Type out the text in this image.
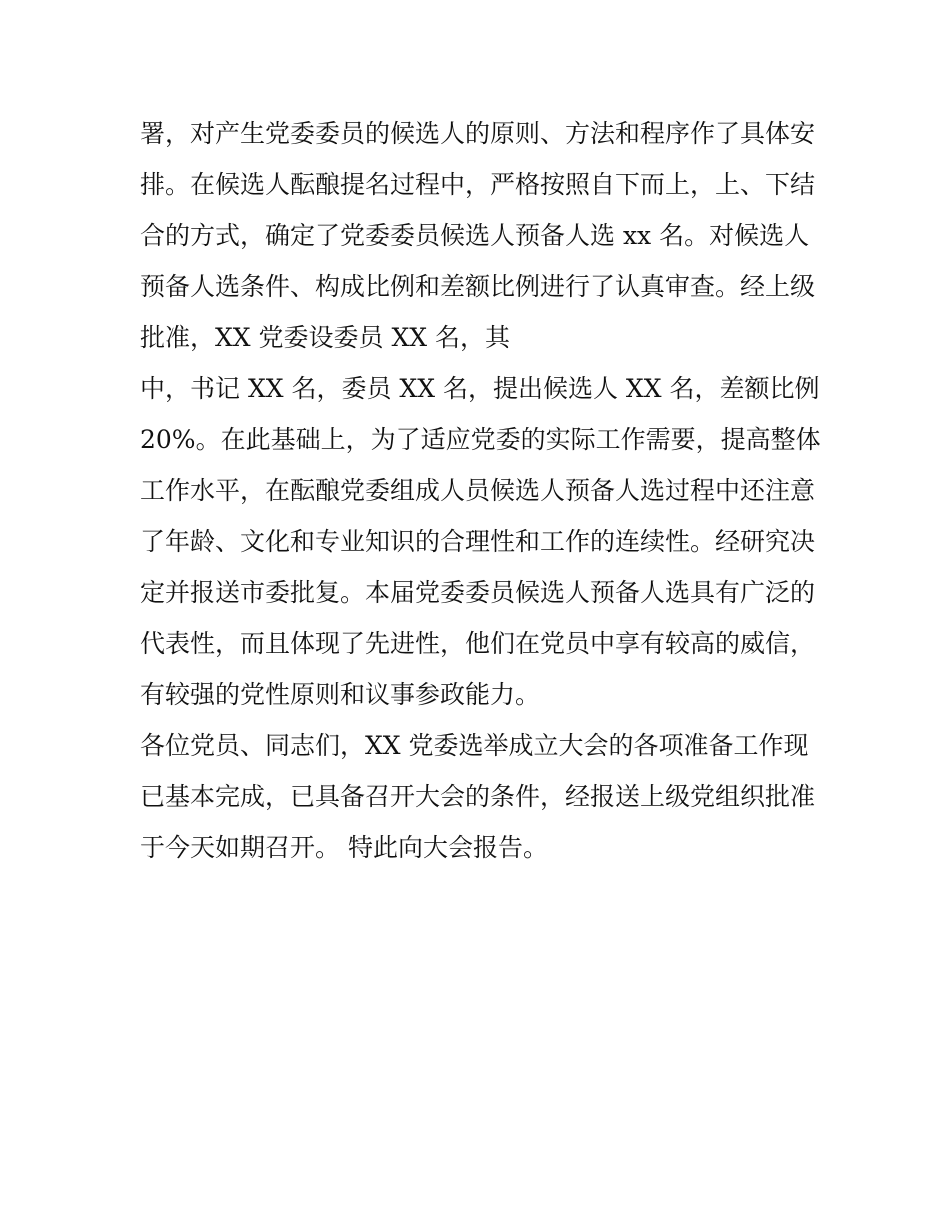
署，对产生党委委员的候选人的原则、方法和程序作了具体安
排。在候选人酝酿提名过程中，严格按照自下而上，上、下结
合的方式，确定了党委委员候选人预备人选 xx 名。对候选人
预备人选条件、构成比例和差额比例进行了认真审查。经上级
批准，XX 党委设委员 XX 名，其
中，书记 XX 名，委员 XX 名，提出候选人 XX 名，差额比例
20%。在此基础上，为了适应党委的实际工作需要，提高整体
工作水平，在酝酿党委组成人员候选人预备人选过程中还注意
了年龄、文化和专业知识的合理性和工作的连续性。经研究决
定并报送市委批复。本届党委委员候选人预备人选具有广泛的
代表性，而且体现了先进性，他们在党员中享有较高的威信，
有较强的党性原则和议事参政能力。
各位党员、同志们，XX 党委选举成立大会的各项准备工作现
已基本完成，已具备召开大会的条件，经报送上级党组织批准
于今天如期召开。 特此向大会报告。
